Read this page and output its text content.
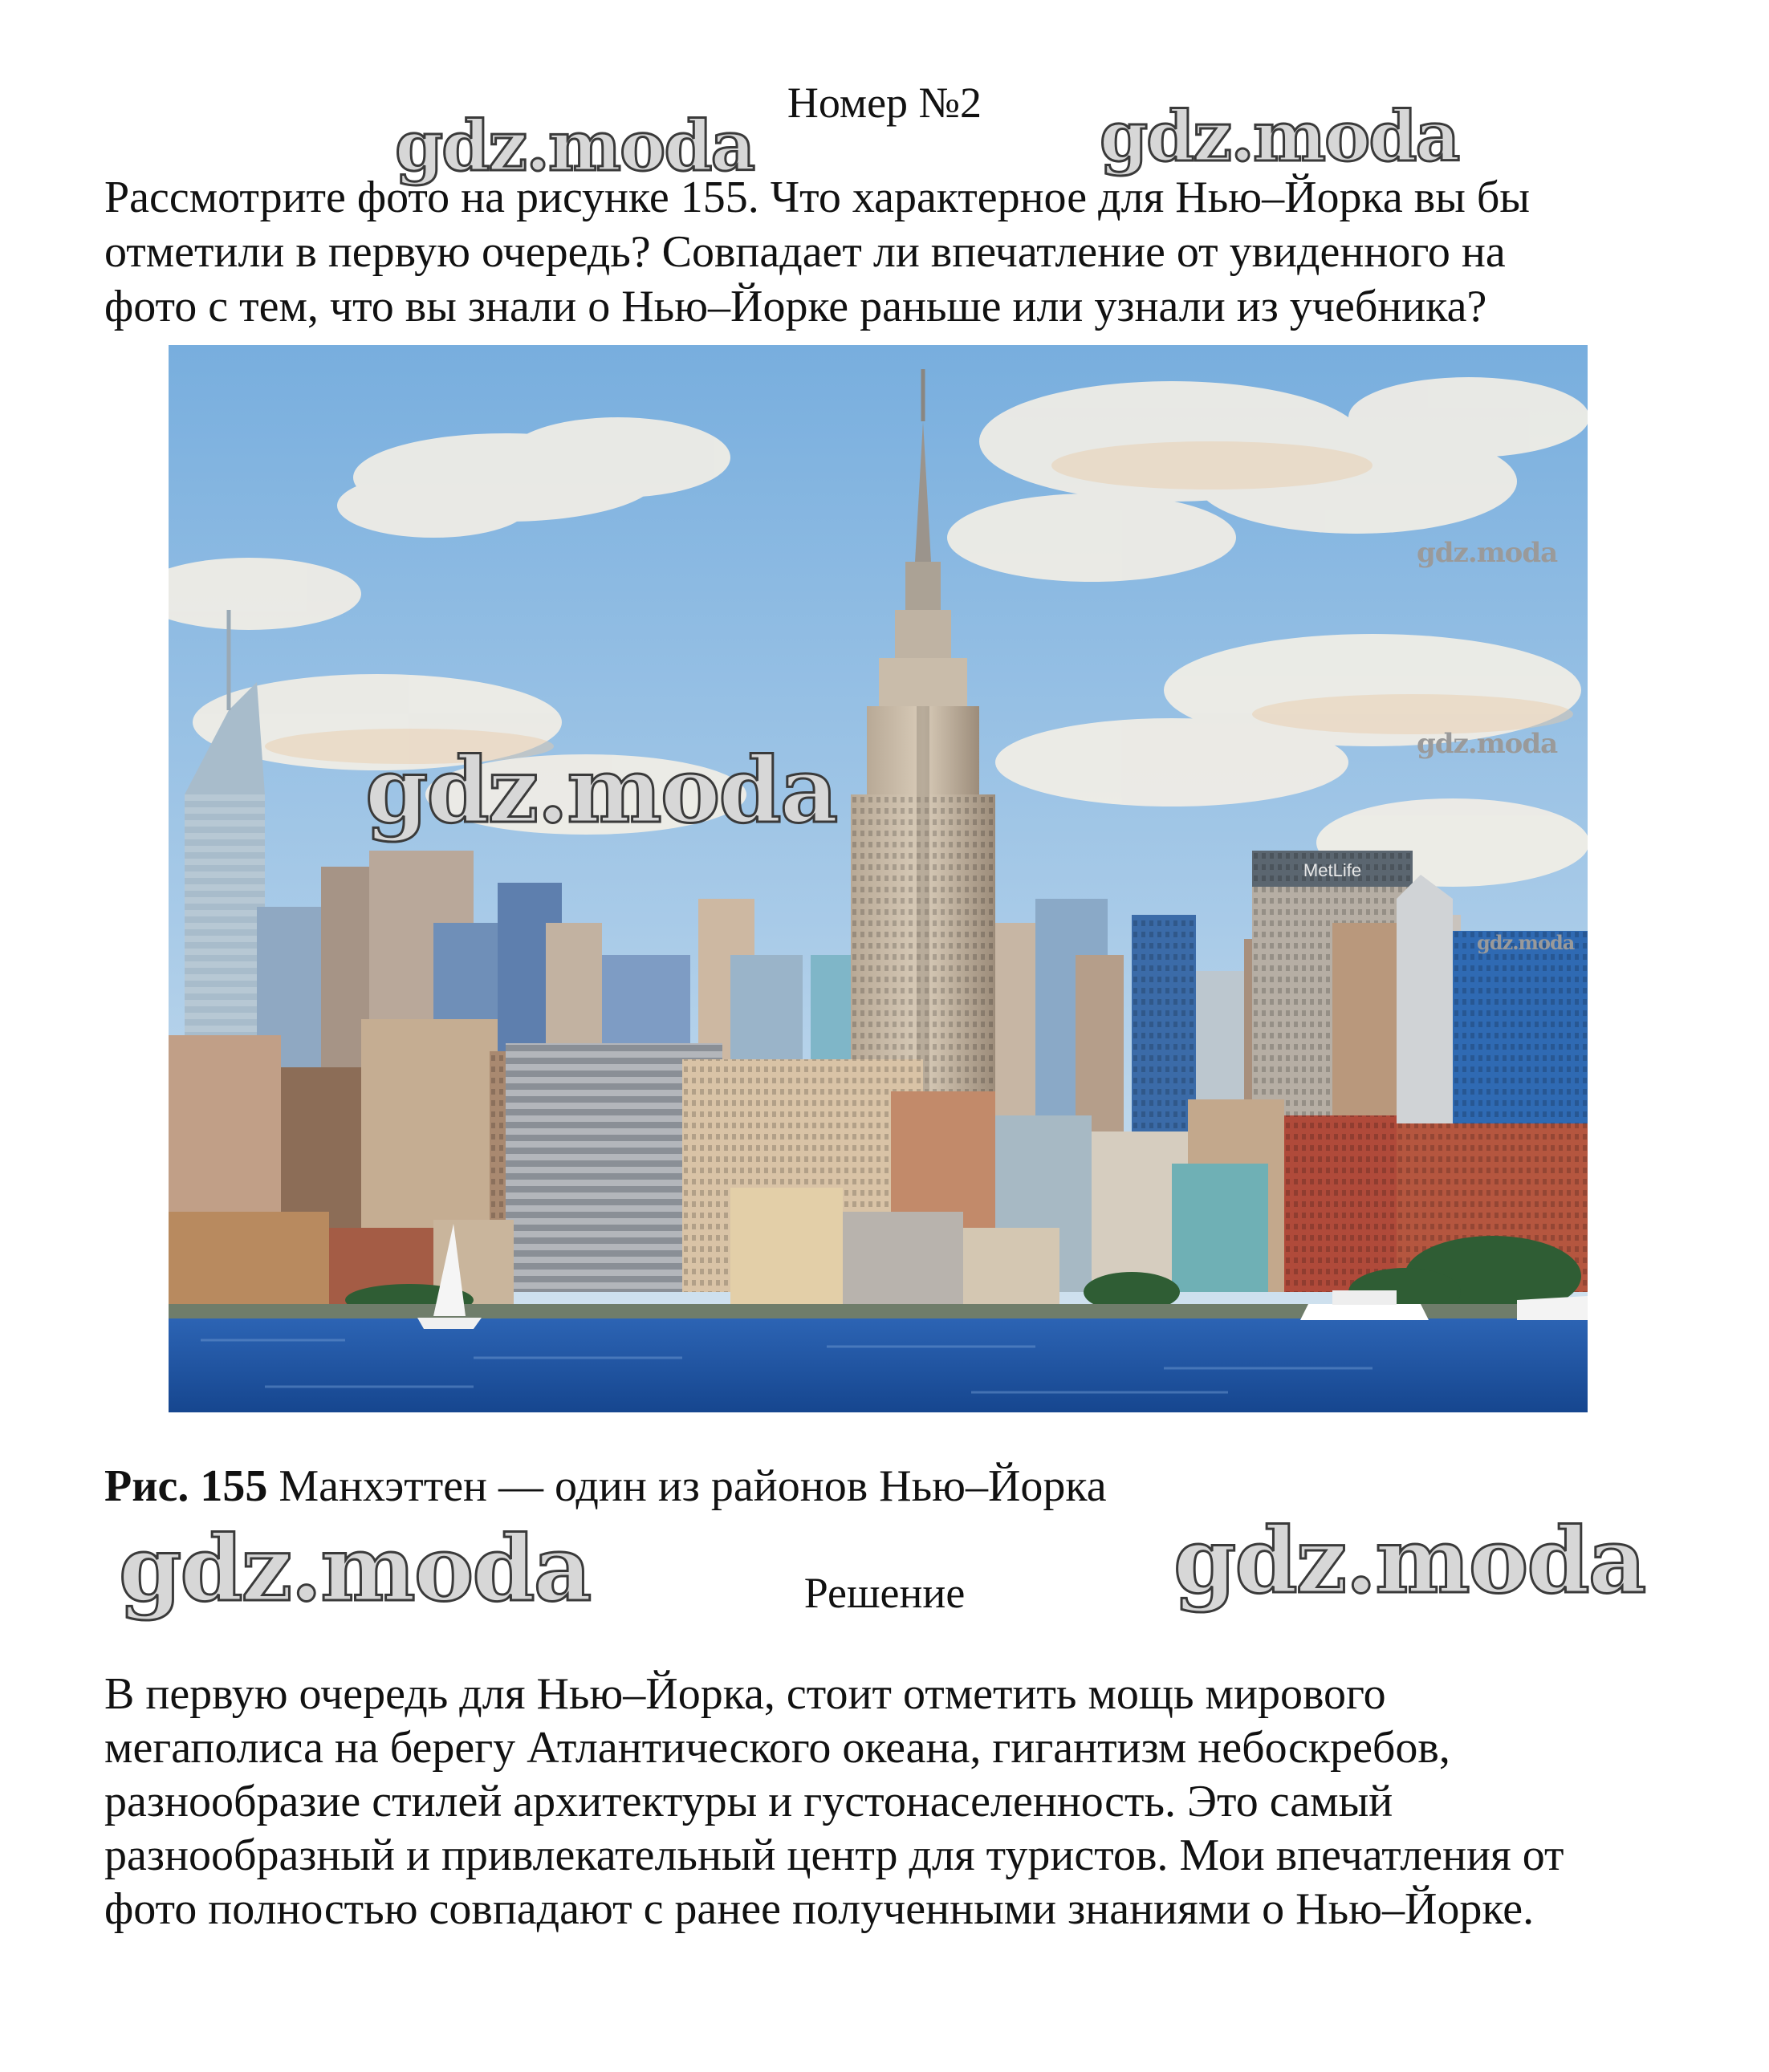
Номер №2
gdz.moda	gdz.moda
Рассмотрите фото на рисунке 155. Что характерное для Нью–Йорка вы бы
отметили в первую очередь? Совпадает ли впечатление от увиденного на
фото с тем, что вы знали о Нью–Йорке раньше или узнали из учебника?
MetLife
gdz.moda
gdz.moda
gdz.moda
gdz.moda
Рис. 155 Манхэттен — один из районов Нью–Йорка
gdz.moda	gdz.moda
Решение
В первую очередь для Нью–Йорка, стоит отметить мощь мирового
мегаполиса на берегу Атлантического океана, гигантизм небоскребов,
разнообразие стилей архитектуры и густонаселенность. Это самый
разнообразный и привлекательный центр для туристов. Мои впечатления от
фото полностью совпадают с ранее полученными знаниями о Нью–Йорке.
